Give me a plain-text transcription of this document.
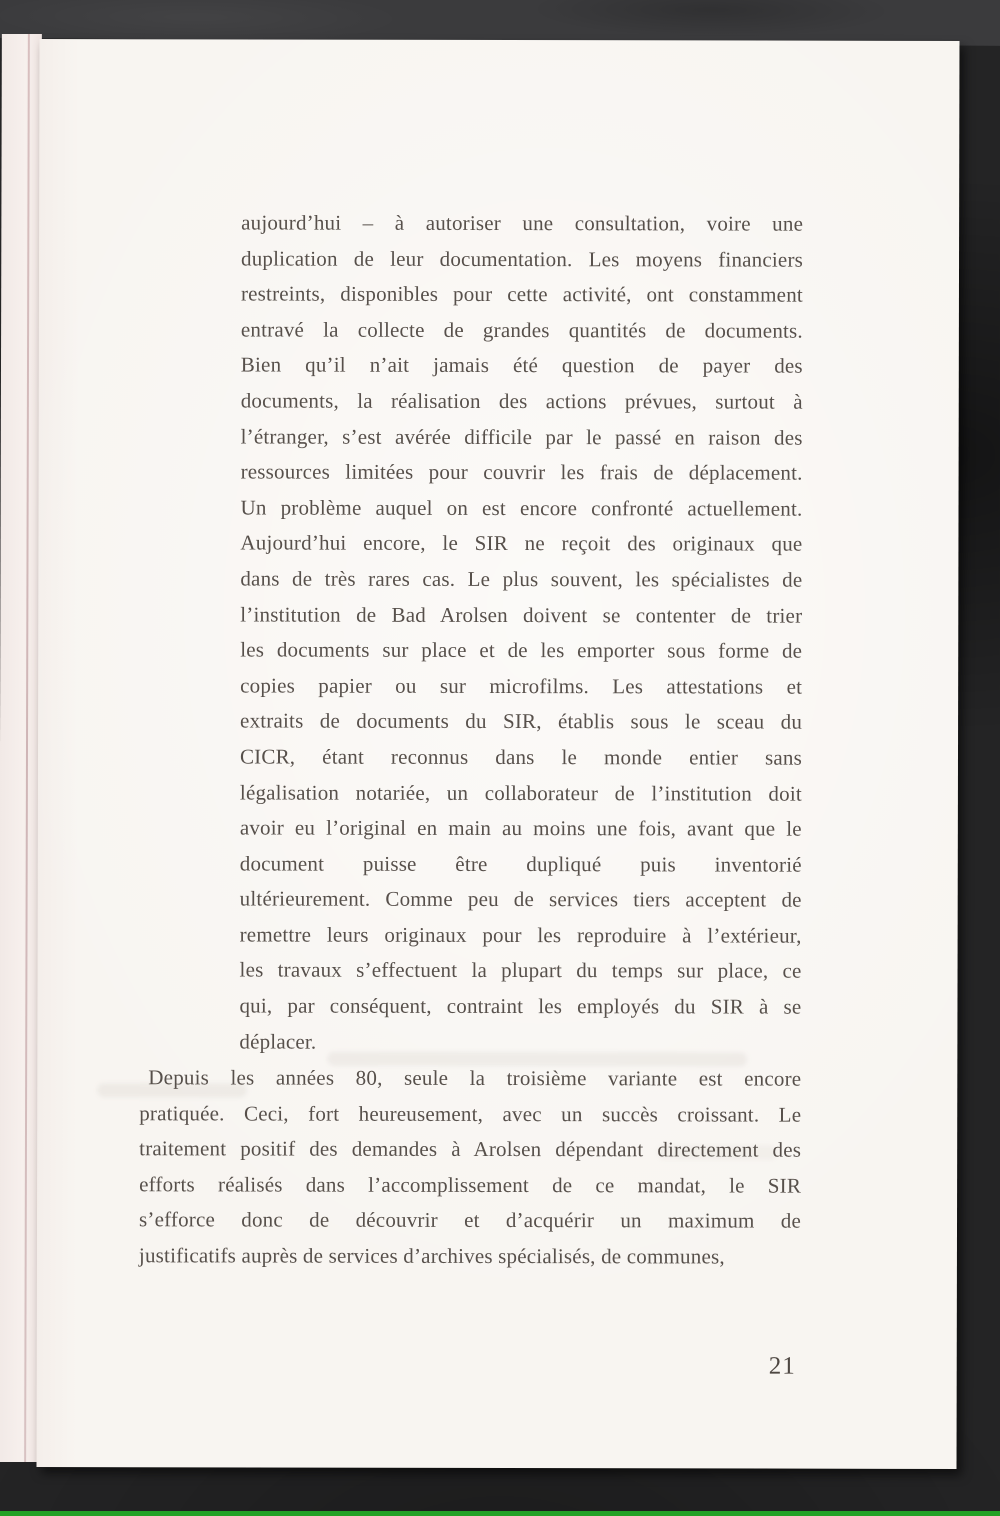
aujourd’hui – à autoriser une consultation, voire une
duplication de leur documentation. Les moyens financiers
restreints, disponibles pour cette activité, ont constamment
entravé la collecte de grandes quantités de documents.
Bien qu’il n’ait jamais été question de payer des
documents, la réalisation des actions prévues, surtout à
l’étranger, s’est avérée difficile par le passé en raison des
ressources limitées pour couvrir les frais de déplacement.
Un problème auquel on est encore confronté actuellement.
Aujourd’hui encore, le SIR ne reçoit des originaux que
dans de très rares cas. Le plus souvent, les spécialistes de
l’institution de Bad Arolsen doivent se contenter de trier
les documents sur place et de les emporter sous forme de
copies papier ou sur microfilms. Les attestations et
extraits de documents du SIR, établis sous le sceau du
CICR, étant reconnus dans le monde entier sans
légalisation notariée, un collaborateur de l’institution doit
avoir eu l’original en main au moins une fois, avant que le
document puisse être dupliqué puis inventorié
ultérieurement. Comme peu de services tiers acceptent de
remettre leurs originaux pour les reproduire à l’extérieur,
les travaux s’effectuent la plupart du temps sur place, ce
qui, par conséquent, contraint les employés du SIR à se
déplacer.
Depuis les années 80, seule la troisième variante est encore
pratiquée. Ceci, fort heureusement, avec un succès croissant. Le
traitement positif des demandes à Arolsen dépendant directement des
efforts réalisés dans l’accomplissement de ce mandat, le SIR
s’efforce donc de découvrir et d’acquérir un maximum de
justificatifs auprès de services d’archives spécialisés, de communes,
21
